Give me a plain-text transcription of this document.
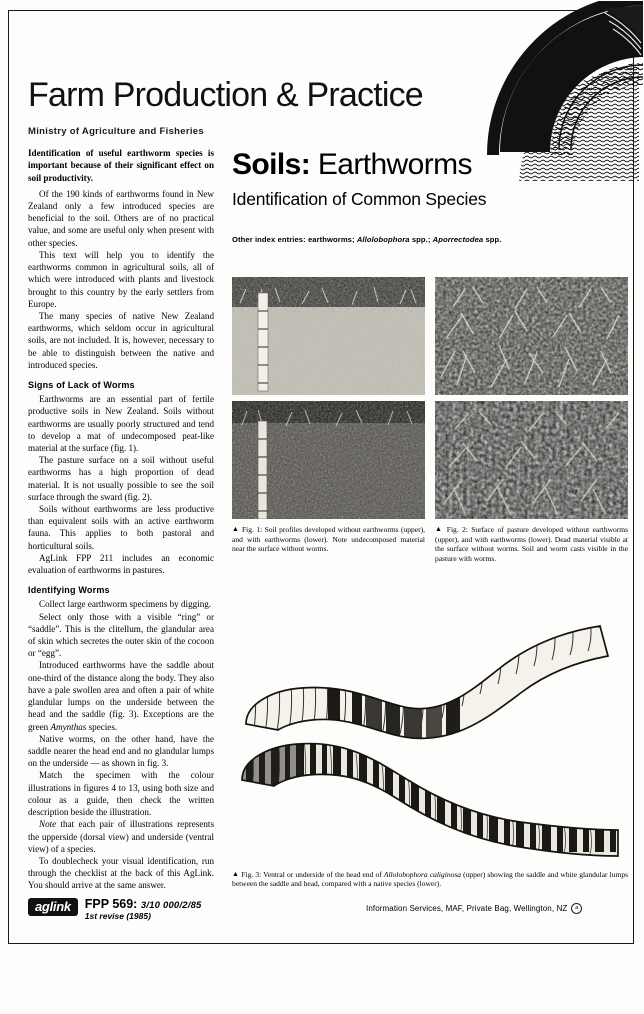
Farm Production & Practice
Ministry of Agriculture and Fisheries

Identification of useful earthworm species is important because of their significant effect on soil productivity.

Of the 190 kinds of earthworms found in New Zealand only a few introduced species are beneficial to the soil. Others are of no practical value, and some are useful only when present with other species.

This text will help you to identify the earthworms common in agricultural soils, all of which were introduced with plants and livestock brought to this country by the early settlers from Europe.

The many species of native New Zealand earthworms, which seldom occur in agricultural soils, are not included. It is, however, necessary to be able to distinguish between the native and introduced species.

Signs of Lack of Worms

Earthworms are an essential part of fertile productive soils in New Zealand. Soils without earthworms are usually poorly structured and tend to develop a mat of undecomposed peat-like material at the surface (fig. 1).

The pasture surface on a soil without useful earthworms has a high proportion of dead material. It is not usually possible to see the soil surface through the sward (fig. 2).

Soils without earthworms are less productive than equivalent soils with an active earthworm fauna. This applies to both pastoral and horticultural soils.

AgLink FPP 211 includes an economic evaluation of earthworms in pastures.

Identifying Worms

Collect large earthworm specimens by digging.

Select only those with a visible “ring” or “saddle”. This is the clitellum, the glandular area of skin which secretes the outer skin of the cocoon or “egg”.

Introduced earthworms have the saddle about one-third of the distance along the body. They also have a pale swollen area and often a pair of white glandular lumps on the underside between the head and the saddle (fig. 3). Exceptions are the green Amynthas species.

Native worms, on the other hand, have the saddle nearer the head end and no glandular lumps on the underside — as shown in fig. 3.

Match the specimen with the colour illustrations in figures 4 to 13, using both size and colour as a guide, then check the written description beside the illustration.

Note that each pair of illustrations represents the upperside (dorsal view) and underside (ventral view) of a species.

To doublecheck your visual identification, run through the checklist at the back of this AgLink. You should arrive at the same answer.

Soils: Earthworms
Identification of Common Species
Other index entries: earthworms; Allolobophora spp.; Aporrectodea spp.

▲ Fig. 1: Soil profiles developed without earthworms (upper), and with earthworms (lower). Note undecomposed material near the surface without worms.

▲ Fig. 2: Surface of pasture developed without earthworms (upper), and with earthworms (lower). Dead material visible at the surface without worms. Soil and worm casts visible in the pasture with worms.

▲ Fig. 3: Ventral or underside of the head end of Allolobophora caliginosa (upper) showing the saddle and white glandular lumps between the saddle and head, compared with a native species (lower).

aglink	FPP 569: 3/10 000/2/85
1st revise (1985)
Information Services, MAF, Private Bag, Wellington, NZ	a
